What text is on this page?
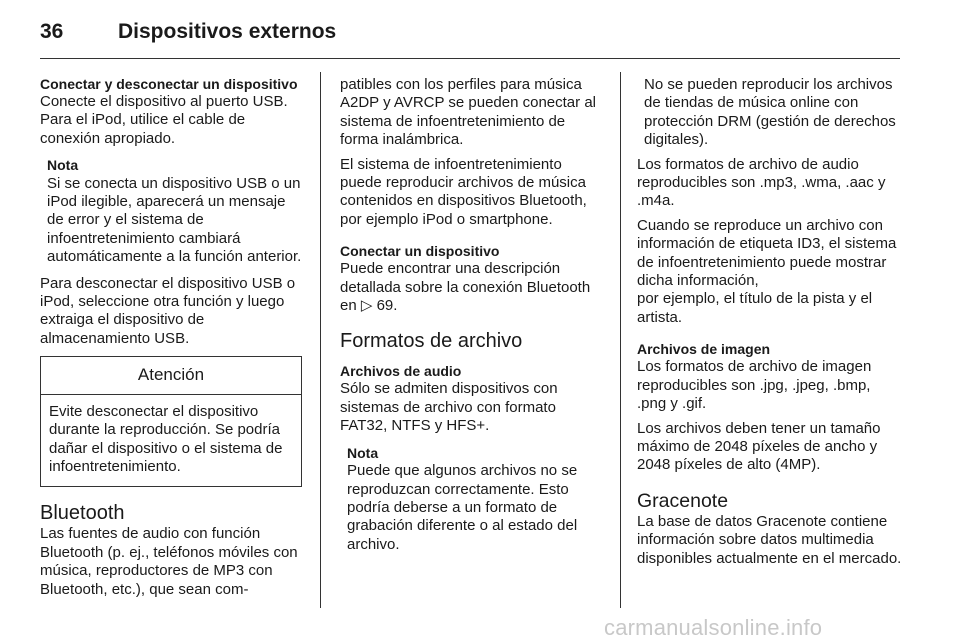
36	Dispositivos externos

Conectar y desconectar un dispositivo

Conecte el dispositivo al puerto USB. Para el iPod, utilice el cable de conexión apropiado.

Nota

Si se conecta un dispositivo USB o un iPod ilegible, aparecerá un mensaje de error y el sistema de infoentretenimiento cambiará automáticamente a la función anterior.

Para desconectar el dispositivo USB o iPod, seleccione otra función y luego extraiga el dispositivo de almacenamiento USB.

Atención
Evite desconectar el dispositivo durante la reproducción. Se podría dañar el dispositivo o el sistema de infoentretenimiento.

Bluetooth

Las fuentes de audio con función Bluetooth (p. ej., teléfonos móviles con música, reproductores de MP3 con Bluetooth, etc.), que sean com-

patibles con los perfiles para música A2DP y AVRCP se pueden conectar al sistema de infoentretenimiento de forma inalámbrica.

El sistema de infoentretenimiento puede reproducir archivos de música contenidos en dispositivos Bluetooth, por ejemplo iPod o smartphone.

Conectar un dispositivo

Puede encontrar una descripción detallada sobre la conexión Bluetooth en ▷ 69.

Formatos de archivo

Archivos de audio

Sólo se admiten dispositivos con sistemas de archivo con formato FAT32, NTFS y HFS+.

Nota

Puede que algunos archivos no se reproduzcan correctamente. Esto podría deberse a un formato de grabación diferente o al estado del archivo.

No se pueden reproducir los archivos de tiendas de música online con protección DRM (gestión de derechos digitales).

Los formatos de archivo de audio reproducibles son .mp3, .wma, .aac y .m4a.

Cuando se reproduce un archivo con información de etiqueta ID3, el sistema de infoentretenimiento puede mostrar dicha información,
por ejemplo, el título de la pista y el artista.

Archivos de imagen

Los formatos de archivo de imagen reproducibles son .jpg, .jpeg, .bmp, .png y .gif.

Los archivos deben tener un tamaño máximo de 2048 píxeles de ancho y 2048 píxeles de alto (4MP).

Gracenote

La base de datos Gracenote contiene información sobre datos multimedia disponibles actualmente en el mercado.

carmanualsonline.info
